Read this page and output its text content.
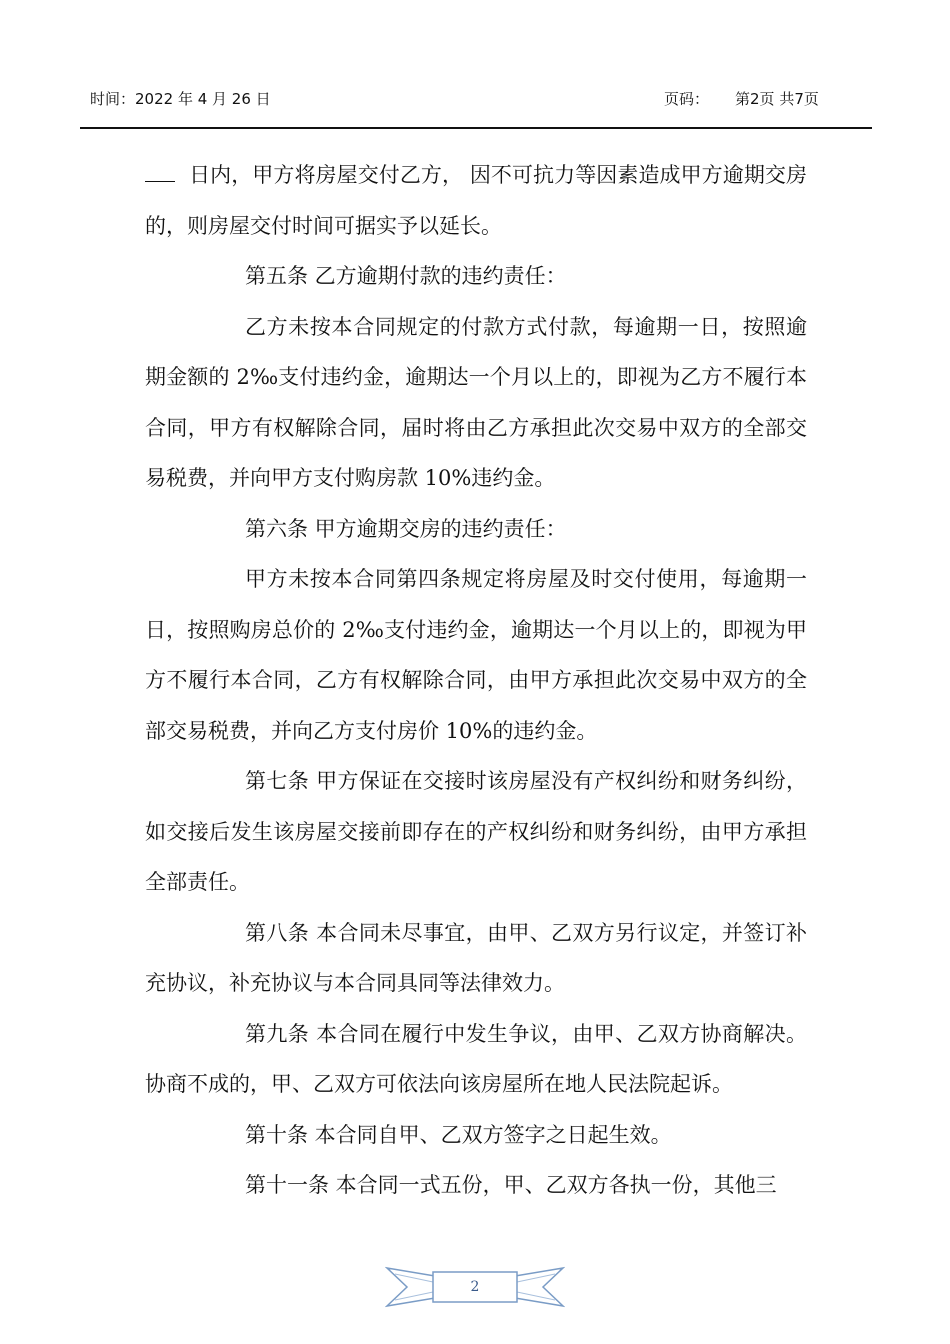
时间：2022 年 4 月 26 日	页码： 第2页 共7页

日内，甲方将房屋交付乙方， 因不可抗力等因素造成甲方逾期交房的，则房屋交付时间可据实予以延长。

第五条 乙方逾期付款的违约责任：

乙方未按本合同规定的付款方式付款，每逾期一日，按照逾期金额的 2‰支付违约金，逾期达一个月以上的，即视为乙方不履行本合同，甲方有权解除合同，届时将由乙方承担此次交易中双方的全部交易税费，并向甲方支付购房款 10%违约金。

第六条 甲方逾期交房的违约责任：

甲方未按本合同第四条规定将房屋及时交付使用，每逾期一日，按照购房总价的 2‰支付违约金，逾期达一个月以上的，即视为甲方不履行本合同，乙方有权解除合同，由甲方承担此次交易中双方的全部交易税费，并向乙方支付房价 10%的违约金。

第七条 甲方保证在交接时该房屋没有产权纠纷和财务纠纷，如交接后发生该房屋交接前即存在的产权纠纷和财务纠纷，由甲方承担全部责任。

第八条 本合同未尽事宜，由甲、乙双方另行议定，并签订补充协议，补充协议与本合同具同等法律效力。

第九条 本合同在履行中发生争议，由甲、乙双方协商解决。协商不成的，甲、乙双方可依法向该房屋所在地人民法院起诉。

第十条 本合同自甲、乙双方签字之日起生效。

第十一条 本合同一式五份，甲、乙双方各执一份，其他三

2
